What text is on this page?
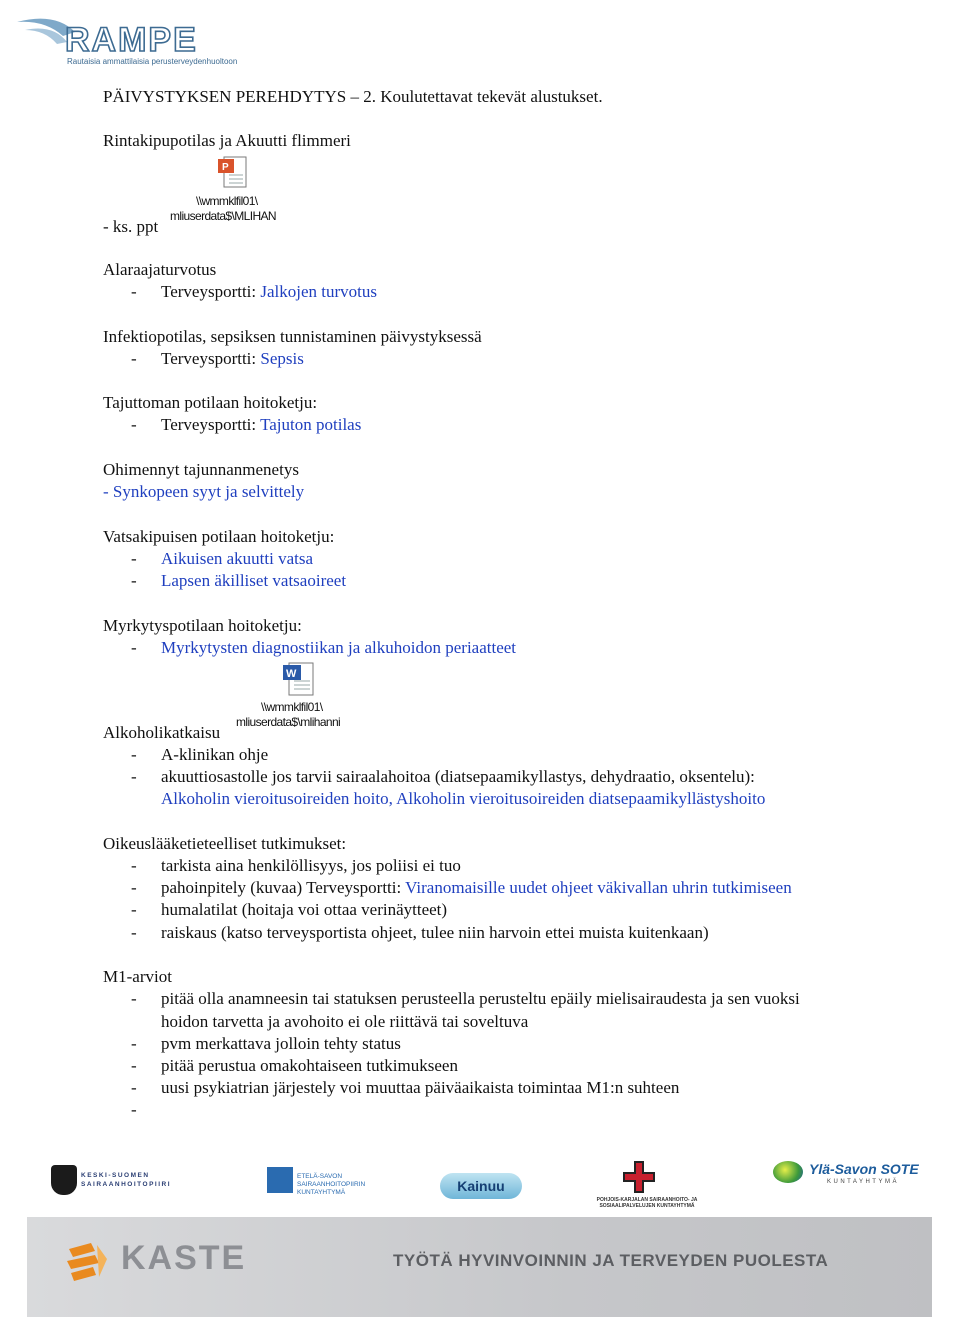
RAMPE
Rautaisia ammattilaisia perusterveydenhuoltoon
PÄIVYSTYKSEN PEREHDYTYS – 2. Koulutettavat tekevät alustukset.
Rintakipupotilas ja Akuutti flimmeri
P
\\wmmklfil01\
mliuserdata$\MLIHAN
- ks. ppt
Alaraajaturvotus
- Terveysportti: Jalkojen turvotus
Infektiopotilas, sepsiksen tunnistaminen päivystyksessä
- Terveysportti: Sepsis
Tajuttoman potilaan hoitoketju:
- Terveysportti: Tajuton potilas
Ohimennyt tajunnanmenetys
- Synkopeen syyt ja selvittely
Vatsakipuisen potilaan hoitoketju:
- Aikuisen akuutti vatsa
- Lapsen äkilliset vatsaoireet
Myrkytyspotilaan hoitoketju:
- Myrkytysten diagnostiikan ja alkuhoidon periaatteet
W
\\wmmklfil01\
mliuserdata$\mlihanni
Alkoholikatkaisu
- A-klinikan ohje
- akuuttiosastolle jos tarvii sairaalahoitoa (diatsepaamikyllastys, dehydraatio, oksentelu):
Alkoholin vieroitusoireiden hoito, Alkoholin vieroitusoireiden diatsepaamikyllästyshoito
Oikeuslääketieteelliset tutkimukset:
- tarkista aina henkilöllisyys, jos poliisi ei tuo
- pahoinpitely (kuvaa) Terveysportti: Viranomaisille uudet ohjeet väkivallan uhrin tutkimiseen
- humalatilat (hoitaja voi ottaa verinäytteet)
- raiskaus (katso terveysportista ohjeet, tulee niin harvoin ettei muista kuitenkaan)
M1-arviot
- pitää olla anamneesin tai statuksen perusteella perusteltu epäily mielisairaudesta ja sen vuoksi
hoidon tarvetta ja avohoito ei ole riittävä tai soveltuva
- pvm merkattava jolloin tehty status
- pitää perustua omakohtaiseen tutkimukseen
- uusi psykiatrian järjestely voi muuttaa päiväaikaista toimintaa M1:n suhteen
-
KESKI-SUOMEN SAIRAANHOITOPIIRI
ETELÄ-SAVON SAIRAANHOITOPIIRIN KUNTAYHTYMÄ	Kainuu
POHJOIS-KARJALAN SAIRAANHOITO- JA SOSIAALIPALVELUJEN KUNTAYHTYMÄ
Ylä-Savon SOTE
KUNTAYHTYMÄ
KASTE	TYÖTÄ HYVINVOINNIN JA TERVEYDEN PUOLESTA
